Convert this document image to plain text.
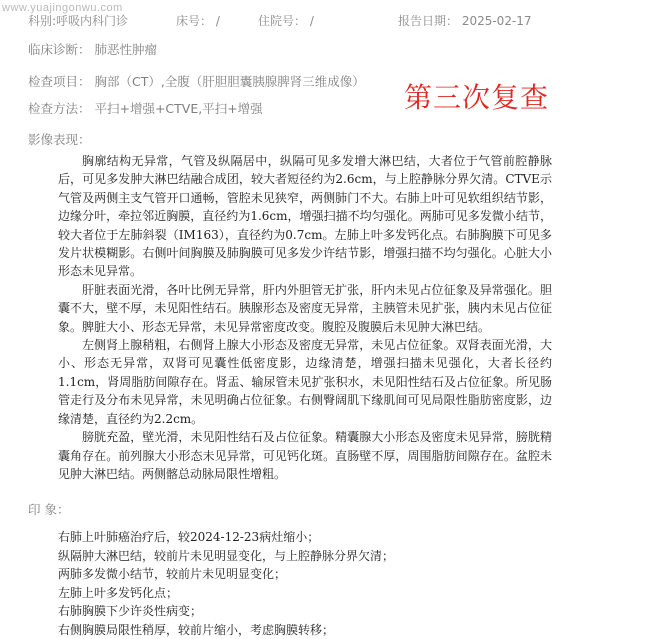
www.yuajingonwu.com
科别:呼吸内科门诊	床号： /	住院号： /	报告日期： 2025-02-17
临床诊断： 肺恶性肿瘤
检查项目： 胸部（CT）,全腹（肝胆胆囊胰腺脾肾三维成像）
检查方法： 平扫+增强+CTVE,平扫+增强	第三次复查
影像表现：

胸廓结构无异常，气管及纵隔居中，纵隔可见多发增大淋巴结，大者位于气管前腔静脉后，可见多发肿大淋巴结融合成团，较大者短径约为2.6cm，与上腔静脉分界欠清。CTVE示气管及两侧主支气管开口通畅，管腔未见狭窄，两侧肺门不大。右肺上叶可见软组织结节影，边缘分叶，牵拉邻近胸膜，直径约为1.6cm，增强扫描不均匀强化。两肺可见多发微小结节，较大者位于左肺斜裂（IM163），直径约为0.7cm。左肺上叶多发钙化点。右肺胸膜下可见多发片状模糊影。右侧叶间胸膜及肺胸膜可见多发少许结节影，增强扫描不均匀强化。心脏大小形态未见异常。

肝脏表面光滑，各叶比例无异常，肝内外胆管无扩张，肝内未见占位征象及异常强化。胆囊不大，壁不厚，未见阳性结石。胰腺形态及密度无异常，主胰管未见扩张，胰内未见占位征象。脾脏大小、形态无异常，未见异常密度改变。腹腔及腹膜后未见肿大淋巴结。

左侧肾上腺稍粗，右侧肾上腺大小形态及密度无异常，未见占位征象。双肾表面光滑，大小、形态无异常，双肾可见囊性低密度影，边缘清楚，增强扫描未见强化，大者长径约1.1cm，肾周脂肪间隙存在。肾盂、输尿管未见扩张积水，未见阳性结石及占位征象。所见肠管走行及分布未见异常，未见明确占位征象。右侧臀阔肌下缘肌间可见局限性脂肪密度影，边缘清楚，直径约为2.2cm。

膀胱充盈，壁光滑，未见阳性结石及占位征象。精囊腺大小形态及密度未见异常，膀胱精囊角存在。前列腺大小形态未见异常，可见钙化斑。直肠壁不厚，周围脂肪间隙存在。盆腔未见肿大淋巴结。两侧髂总动脉局限性增粗。

印 象：
右肺上叶肺癌治疗后，较2024-12-23病灶缩小；
纵隔肿大淋巴结，较前片未见明显变化，与上腔静脉分界欠清；
两肺多发微小结节，较前片未见明显变化；
左肺上叶多发钙化点；
右肺胸膜下少许炎性病变；
右侧胸膜局限性稍厚，较前片缩小，考虑胸膜转移；
